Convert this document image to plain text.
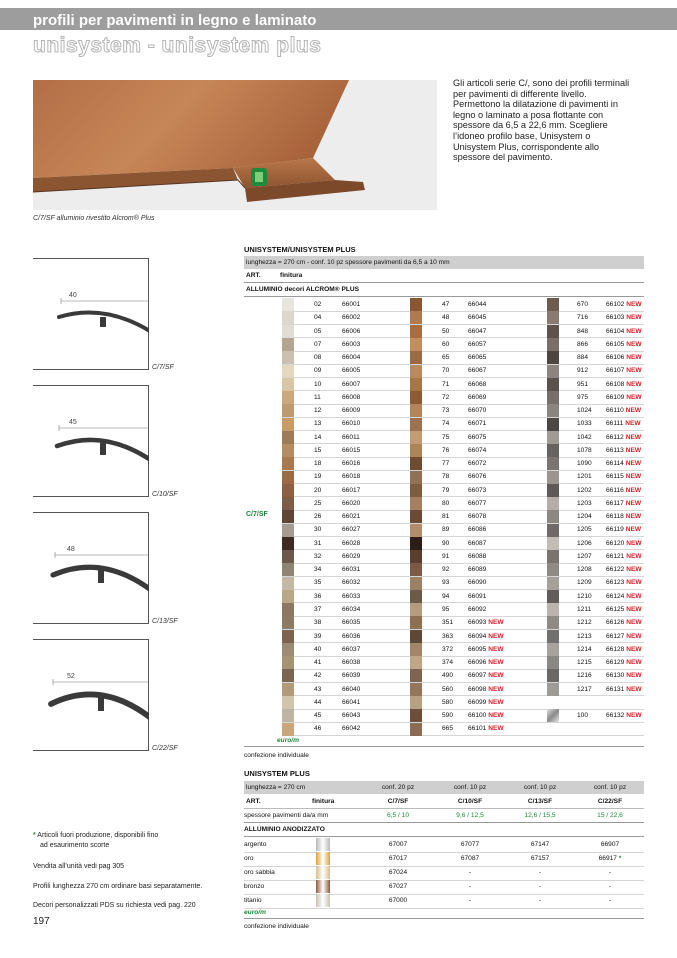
profili per pavimenti in legno e laminato
unisystem - unisystem plus
C/7/SF alluminio rivestito Alcrom® Plus
Gli articoli serie C/, sono dei profili terminali per pavimenti di differente livello. Permettono la dilatazione di pavimenti in legno o laminato a posa flottante con spessore da 6,5 a 22,6 mm. Scegliere l’idoneo profilo base, Unisystem o Unisystem Plus, corrispondente allo spessore del pavimento.
40
C/7/SF
45
C/10/SF
48
C/13/SF
52
C/22/SF
UNISYSTEM/UNISYSTEM PLUS
lunghezza = 270 cm - conf. 10 pz spessore pavimenti da 6,5 a 10 mm
ART.	finitura
ALLUMINIO decori ALCROM® PLUS
C/7/SF
02	66001	47	66044	670	66102 NEW
04	66002	48	66045	716	66103 NEW
05	66006	50	66047	848	66104 NEW
07	66003	60	66057	866	66105 NEW
08	66004	65	66065	884	66106 NEW
09	66005	70	66067	912	66107 NEW
10	66007	71	66068	951	66108 NEW
11	66008	72	66069	975	66109 NEW
12	66009	73	66070	1024 66110 NEW
13	66010	74	66071	1033 66111 NEW
14	66011	75	66075	1042 66112 NEW
15	66015	76	66074	1078 66113 NEW
18	66016	77	66072	1090 66114 NEW
19	66018	78	66076	1201 66115 NEW
20	66017	79	66073	1202 66116 NEW
25	66020	80	66077	1203 66117 NEW
26	66021	81	66078	1204 66118 NEW
30	66027	89	66086	1205 66119 NEW
31	66028	90	66087	1206 66120 NEW
32	66029	91	66088	1207 66121 NEW
34	66031	92	66089	1208 66122 NEW
35	66032	93	66090	1209 66123 NEW
36	66033	94	66091	1210 66124 NEW
37	66034	95	66092	1211 66125 NEW
38	66035	351 66093 NEW	1212 66126 NEW
39	66036	363 66094 NEW	1213 66127 NEW
40	66037	372 66095 NEW	1214 66128 NEW
41	66038	374 66096 NEW	1215 66129 NEW
42	66039	490 66097 NEW	1216 66130 NEW
43	66040	560 66098 NEW	1217 66131 NEW
44	66041	580 66099 NEW
45	66043	590 66100 NEW	100	66132 NEW
46	66042	665 66101 NEW
euro/m
confezione individuale
UNISYSTEM PLUS
lunghezza = 270 cm	conf. 20 pz	conf. 10 pz	conf. 10 pz	conf. 10 pz
ART.	finitura	C/7/SF	C/10/SF	C/13/SF	C/22/SF
spessore pavimenti da/a mm	6,5 / 10	9,6 / 12,5	12,6 / 15,5	15 / 22,6
ALLUMINIO ANODIZZATO
argento	67007	67077	67147	66907
oro	67017	67087	67157	66917 *
oro sabbia	67024	-	-	-
bronzo	67027	-	-	-
titanio	67000	-	-	-
euro/m
confezione individuale
* Articoli fuori produzione, disponibili fino
ad esaurimento scorte
Vendita all’unità vedi pag 305
Profili lunghezza 270 cm ordinare basi separatamente.
Decori personalizzati PDS su richiesta vedi pag. 220
197
